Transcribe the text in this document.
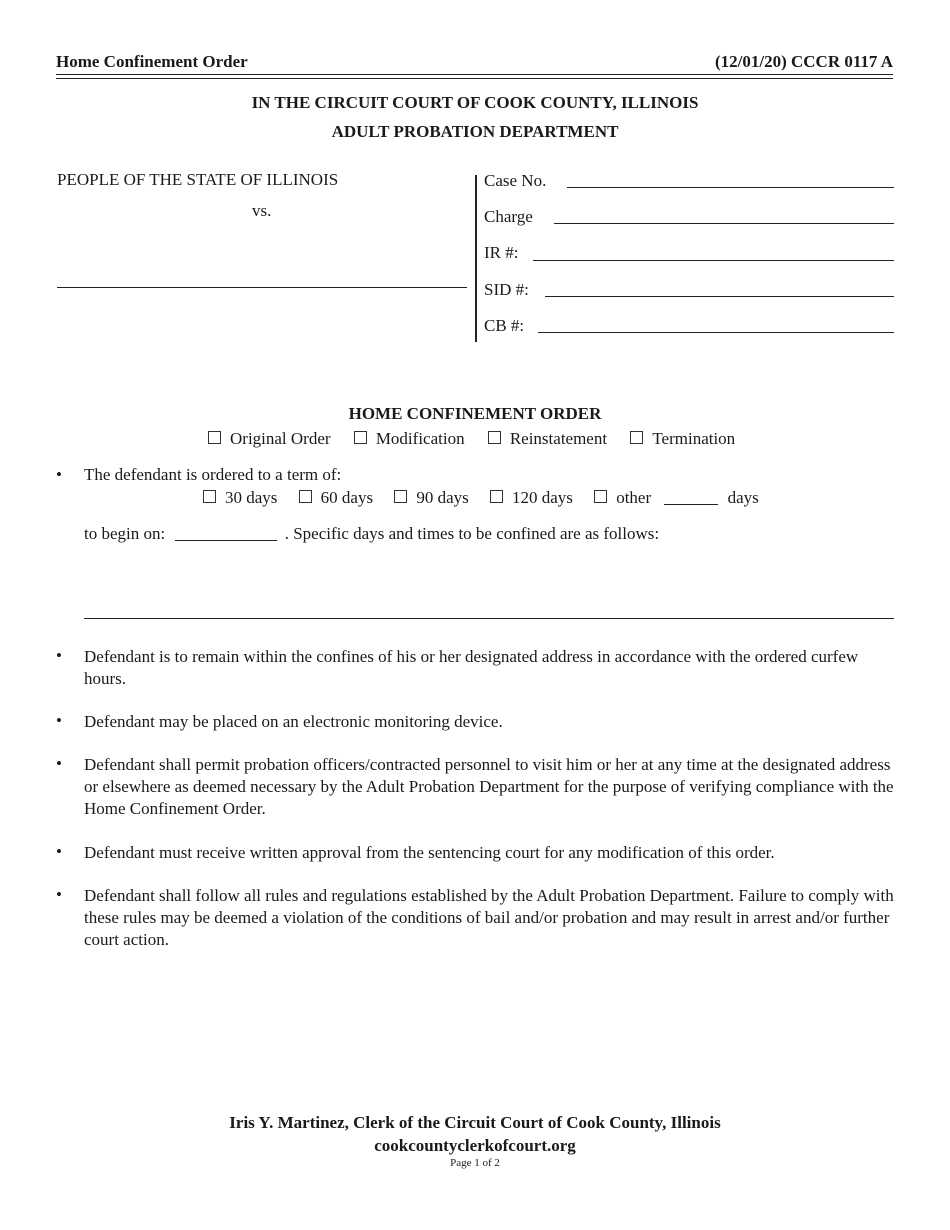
Home Confinement Order	(12/01/20) CCCR 0117 A
IN THE CIRCUIT COURT OF COOK COUNTY, ILLINOIS
ADULT PROBATION DEPARTMENT
PEOPLE OF THE STATE OF ILLINOIS
vs.
Case No.
Charge
IR #:
SID #:
CB #:
HOME CONFINEMENT ORDER
Original Order	Modification	Reinstatement	Termination
• The defendant is ordered to a term of:
30 days	60 days	90 days	120 days	other	days
to begin on:	. Specific days and times to be confined are as follows:
• Defendant is to remain within the confines of his or her designated address in accordance with the ordered curfew hours.
• Defendant may be placed on an electronic monitoring device.
• Defendant shall permit probation officers/contracted personnel to visit him or her at any time at the designated address or elsewhere as deemed necessary by the Adult Probation Department for the purpose of verifying compliance with the Home Confinement Order.
• Defendant must receive written approval from the sentencing court for any modification of this order.
• Defendant shall follow all rules and regulations established by the Adult Probation Department. Failure to comply with these rules may be deemed a violation of the conditions of bail and/or probation and may result in arrest and/or further court action.
Iris Y. Martinez, Clerk of the Circuit Court of Cook County, Illinois
cookcountyclerkofcourt.org
Page 1 of 2
